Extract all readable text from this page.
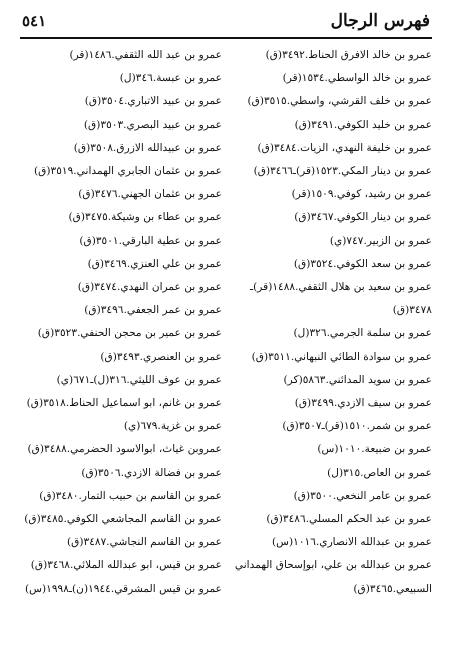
فهرس الرجال
٥٤١
عمرو بن خالد الافرق الحناط.٣٤٩٢(ق)
عمرو بن خالد الواسطي.١٥٣٤(قر)
عمرو بن خلف القرشي، واسطي.٣٥١٥(ق)
عمرو بن خليد الكوفي.٣٤٩١(ق)
عمرو بن خليفة النهدي، الزيات.٣٤٨٤(ق)
عمرو بن دينار المكي.١٥٢٣(قر)ـ٣٤٦٦(ق)
عمرو بن رشيد، كوفي.١٥٠٩(قر)
عمرو بن دينار الكوفي.٣٤٦٧(ق)
عمرو بن الزبير.٧٤٧(ي)
عمرو بن سعد الكوفي.٣٥٢٤(ق)
عمرو بن سعيد بن هلال الثقفي.١٤٨٨(قر)ـ
٣٤٧٨(ق)
عمرو بن سلمة الجرمي.٣٢٦(ل)
عمرو بن سوادة الطائي النبهاني.٣٥١١(ق)
عمرو بن سويد المدائني.٥٨٦٣(كر)
عمرو بن سيف الازدي.٣٤٩٩(ق)
عمرو بن شمر.١٥١٠(قر)ـ٣٥٠٧(ق)
عمرو بن ضبيعة.١٠١٠(س)
عمرو بن العاص.٣١٥(ل)
عمرو بن عامر النخعي.٣٥٠٠(ق)
عمرو بن عبد الحكم المسلي.٣٤٨٦(ق)
عمرو بن عبدالله الانصاري.١٠١٦(س)
عمرو بن عبدالله بن علي، ابوإسحاق الهمداني
السبيعي.٣٤٦٥(ق)
عمرو بن عبد الله الثقفي.١٤٨٦(قر)
عمرو بن عبسة.٣٤٦(ل)
عمرو بن عبيد الاتباري.٣٥٠٤(ق)
عمرو بن عبيد البصري.٣٥٠٣(ق)
عمرو بن عبيدالله الازرق.٣٥٠٨(ق)
عمرو بن عثمان الجابري الهمداني.٣٥١٩(ق)
عمرو بن عثمان الجهني.٣٤٧٦(ق)
عمرو بن عطاء بن وشيكة.٣٤٧٥(ق)
عمرو بن عطية البارقي.٣٥٠١(ق)
عمرو بن علي العنزي.٣٤٦٩(ق)
عمرو بن عمران النهدي.٣٤٧٤(ق)
عمرو بن عمر الجعفي.٣٤٩٦(ق)
عمرو بن عمير بن محجن الحنفي.٣٥٢٣(ق)
عمرو بن العنصري.٣٤٩٣(ق)
عمرو بن عوف الليثي.٣١٦(ل)ـ٦٧١(ي)
عمرو بن غانم، ابو اسماعيل الحناط.٣٥١٨(ق)
عمرو بن غزية.٦٧٩(ي)
عمروبن غياث، ابوالاسود الحضرمي.٣٤٨٨(ق)
عمرو بن فضالة الازدي.٣٥٠٦(ق)
عمرو بن القاسم بن حبيب التمار.٣٤٨٠(ق)
عمرو بن القاسم المجاشعي الكوفي.٣٤٨٥(ق)
عمرو بن القاسم النجاشي.٣٤٨٧(ق)
عمرو بن قيس، ابو عبدالله الملائي.٣٤٦٨(ق)
عمرو بن قيس المشرقي.١٩٤٤(ن)ـ١٩٩٨(س)
